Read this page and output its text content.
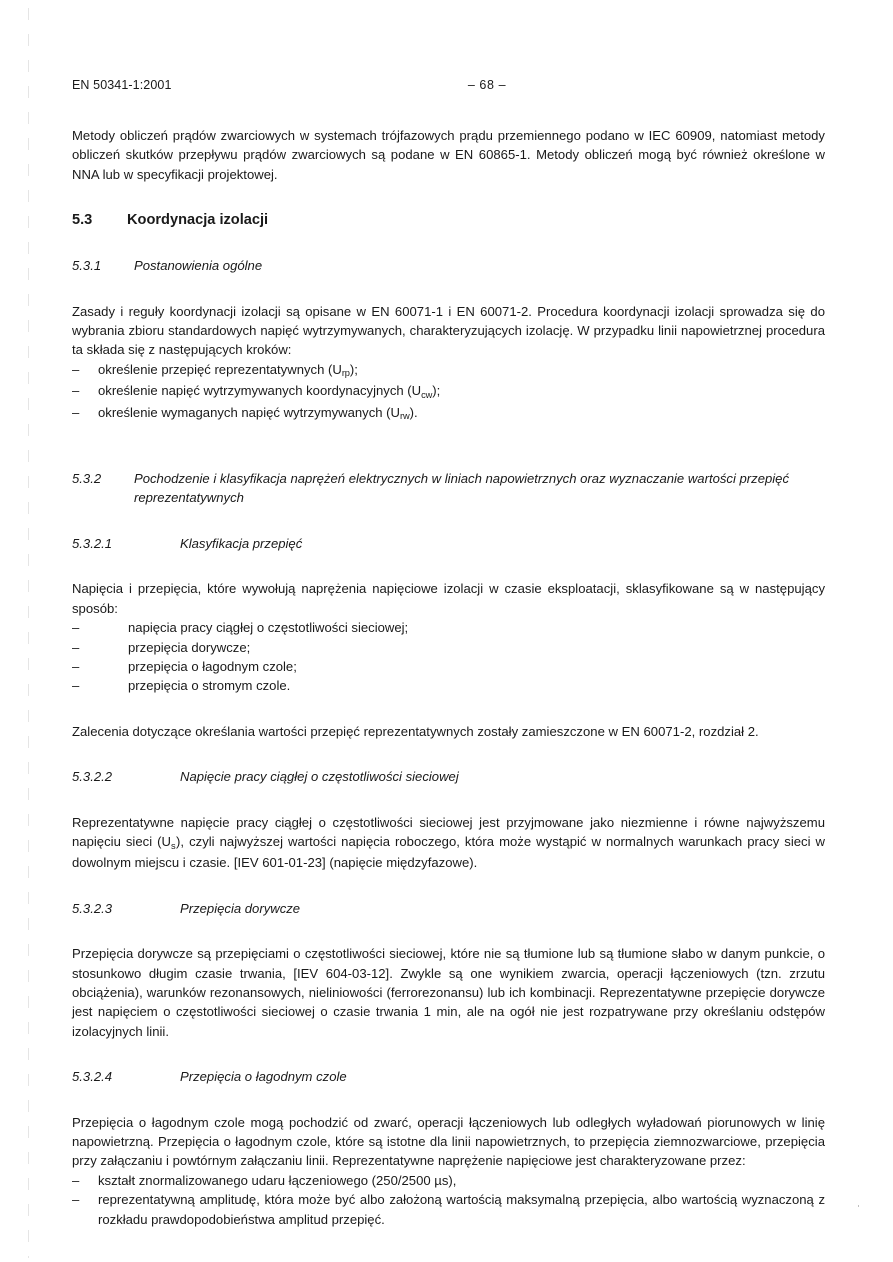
EN 50341-1:2001	– 68 –

Metody obliczeń prądów zwarciowych w systemach trójfazowych prądu przemiennego podano w IEC 60909, natomiast metody obliczeń skutków przepływu prądów zwarciowych są podane w EN 60865-1. Metody obliczeń mogą być również określone w NNA lub w specyfikacji projektowej.

5.3	Koordynacja izolacji
5.3.1	Postanowienia ogólne

Zasady i reguły koordynacji izolacji są opisane w EN 60071-1 i EN 60071-2. Procedura koordynacji izolacji sprowadza się do wybrania zbioru standardowych napięć wytrzymywanych, charakteryzujących izolację. W przypadku linii napowietrznej procedura ta składa się z następujących kroków:

–	określenie przepięć reprezentatywnych $(U_{rp})$;
–	określenie napięć wytrzymywanych koordynacyjnych $(U_{cw})$;
–	określenie wymaganych napięć wytrzymywanych $(U_{rw})$.
5.3.2	Pochodzenie i klasyfikacja naprężeń elektrycznych w liniach napowietrznych oraz wyznaczanie wartości przepięć reprezentatywnych
5.3.2.1	Klasyfikacja przepięć

Napięcia i przepięcia, które wywołują naprężenia napięciowe izolacji w czasie eksploatacji, sklasyfikowane są w następujący sposób:

–	napięcia pracy ciągłej o częstotliwości sieciowej;
–	przepięcia dorywcze;
–	przepięcia o łagodnym czole;
–	przepięcia o stromym czole.

Zalecenia dotyczące określania wartości przepięć reprezentatywnych zostały zamieszczone w EN 60071-2, rozdział 2.

5.3.2.2	Napięcie pracy ciągłej o częstotliwości sieciowej

Reprezentatywne napięcie pracy ciągłej o częstotliwości sieciowej jest przyjmowane jako niezmienne i równe najwyższemu napięciu sieci $(U_s)$, czyli najwyższej wartości napięcia roboczego, która może wystąpić w normalnych warunkach pracy sieci w dowolnym miejscu i czasie. [IEV 601-01-23] (napięcie międzyfazowe).

5.3.2.3	Przepięcia dorywcze

Przepięcia dorywcze są przepięciami o częstotliwości sieciowej, które nie są tłumione lub są tłumione słabo w danym punkcie, o stosunkowo długim czasie trwania, [IEV 604-03-12]. Zwykle są one wynikiem zwarcia, operacji łączeniowych (tzn. zrzutu obciążenia), warunków rezonansowych, nieliniowości (ferrorezonansu) lub ich kombinacji. Reprezentatywne przepięcie dorywcze jest napięciem o częstotliwości sieciowej o czasie trwania 1 min, ale na ogół nie jest rozpatrywane przy określaniu odstępów izolacyjnych linii.

5.3.2.4	Przepięcia o łagodnym czole

Przepięcia o łagodnym czole mogą pochodzić od zwarć, operacji łączeniowych lub odległych wyładowań piorunowych w linię napowietrzną. Przepięcia o łagodnym czole, które są istotne dla linii napowietrznych, to przepięcia ziemnozwarciowe, przepięcia przy załączaniu i powtórnym załączaniu linii. Reprezentatywne naprężenie napięciowe jest charakteryzowane przez:

–	kształt znormalizowanego udaru łączeniowego (250/2500 µs),
–	reprezentatywną amplitudę, która może być albo założoną wartością maksymalną przepięcia, albo wartością wyznaczoną z rozkładu prawdopodobieństwa amplitud przepięć.
